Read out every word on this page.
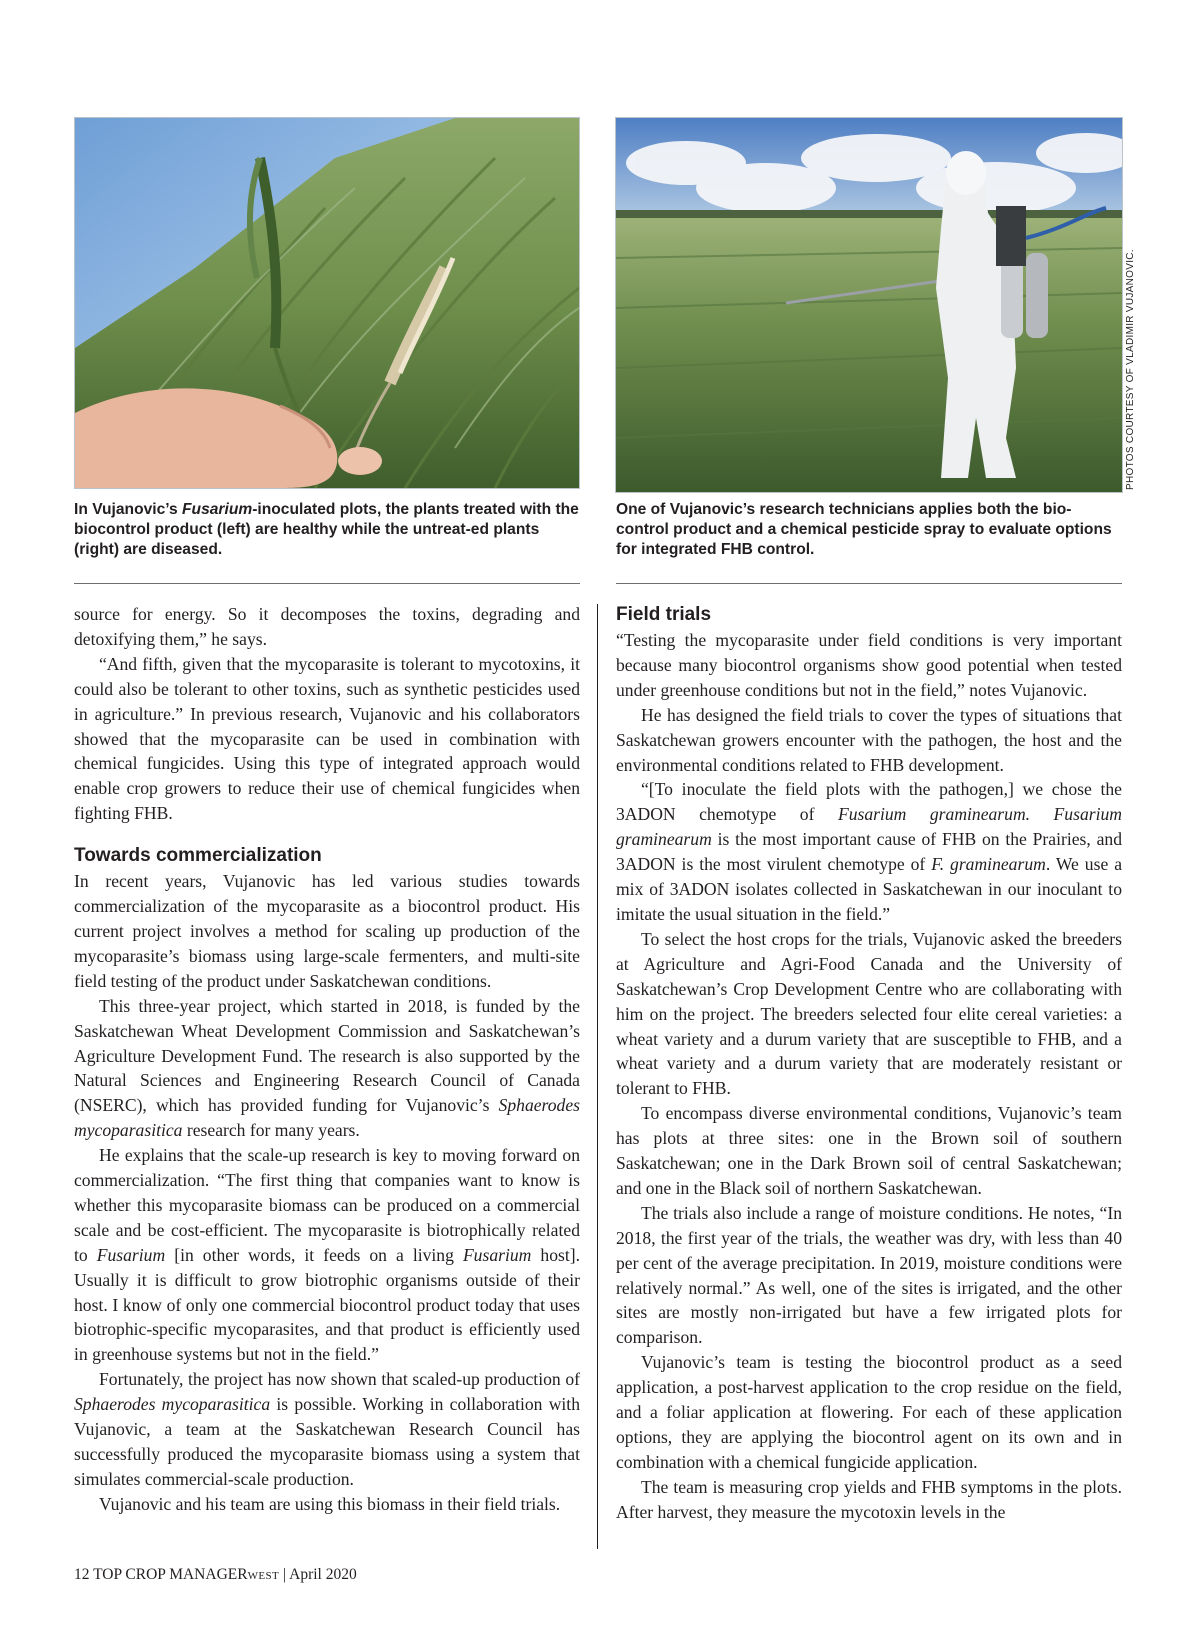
In Vujanovic’s Fusarium-inoculated plots, the plants treated with the biocontrol product (left) are healthy while the untreat-ed plants (right) are diseased.

One of Vujanovic’s research technicians applies both the bio-control product and a chemical pesticide spray to evaluate options for integrated FHB control.

PHOTOS COURTESY OF VLADIMIR VUJANOVIC.

source for energy. So it decomposes the toxins, degrading and detoxifying them,” he says.

“And fifth, given that the mycoparasite is tolerant to mycotoxins, it could also be tolerant to other toxins, such as synthetic pesticides used in agriculture.” In previous research, Vujanovic and his collaborators showed that the mycoparasite can be used in combination with chemical fungicides. Using this type of integrated approach would enable crop growers to reduce their use of chemical fungicides when fighting FHB.

Towards commercialization

In recent years, Vujanovic has led various studies towards commercialization of the mycoparasite as a biocontrol product. His current project involves a method for scaling up production of the mycoparasite’s biomass using large-scale fermenters, and multi-site field testing of the product under Saskatchewan conditions.

This three-year project, which started in 2018, is funded by the Saskatchewan Wheat Development Commission and Saskatchewan’s Agriculture Development Fund. The research is also supported by the Natural Sciences and Engineering Research Council of Canada (NSERC), which has provided funding for Vujanovic’s Sphaerodes mycoparasitica research for many years.

He explains that the scale-up research is key to moving forward on commercialization. “The first thing that companies want to know is whether this mycoparasite biomass can be produced on a commercial scale and be cost-efficient. The mycoparasite is biotrophically related to Fusarium [in other words, it feeds on a living Fusarium host]. Usually it is difficult to grow biotrophic organisms outside of their host. I know of only one commercial biocontrol product today that uses biotrophic-specific mycoparasites, and that product is efficiently used in greenhouse systems but not in the field.”

Fortunately, the project has now shown that scaled-up production of Sphaerodes mycoparasitica is possible. Working in collaboration with Vujanovic, a team at the Saskatchewan Research Council has successfully produced the mycoparasite biomass using a system that simulates commercial-scale production.

Vujanovic and his team are using this biomass in their field trials.

Field trials

“Testing the mycoparasite under field conditions is very important because many biocontrol organisms show good potential when tested under greenhouse conditions but not in the field,” notes Vujanovic.

He has designed the field trials to cover the types of situations that Saskatchewan growers encounter with the pathogen, the host and the environmental conditions related to FHB development.

“[To inoculate the field plots with the pathogen,] we chose the 3ADON chemotype of Fusarium graminearum. Fusarium graminearum is the most important cause of FHB on the Prairies, and 3ADON is the most virulent chemotype of F. graminearum. We use a mix of 3ADON isolates collected in Saskatchewan in our inoculant to imitate the usual situation in the field.”

To select the host crops for the trials, Vujanovic asked the breeders at Agriculture and Agri-Food Canada and the University of Saskatchewan’s Crop Development Centre who are collaborating with him on the project. The breeders selected four elite cereal varieties: a wheat variety and a durum variety that are susceptible to FHB, and a wheat variety and a durum variety that are moderately resistant or tolerant to FHB.

To encompass diverse environmental conditions, Vujanovic’s team has plots at three sites: one in the Brown soil of southern Saskatchewan; one in the Dark Brown soil of central Saskatchewan; and one in the Black soil of northern Saskatchewan.

The trials also include a range of moisture conditions. He notes, “In 2018, the first year of the trials, the weather was dry, with less than 40 per cent of the average precipitation. In 2019, moisture conditions were relatively normal.” As well, one of the sites is irrigated, and the other sites are mostly non-irrigated but have a few irrigated plots for comparison.

Vujanovic’s team is testing the biocontrol product as a seed application, a post-harvest application to the crop residue on the field, and a foliar application at flowering. For each of these application options, they are applying the biocontrol agent on its own and in combination with a chemical fungicide application.

The team is measuring crop yields and FHB symptoms in the plots. After harvest, they measure the mycotoxin levels in the

12 TOP CROP MANAGERWEST | April 2020
